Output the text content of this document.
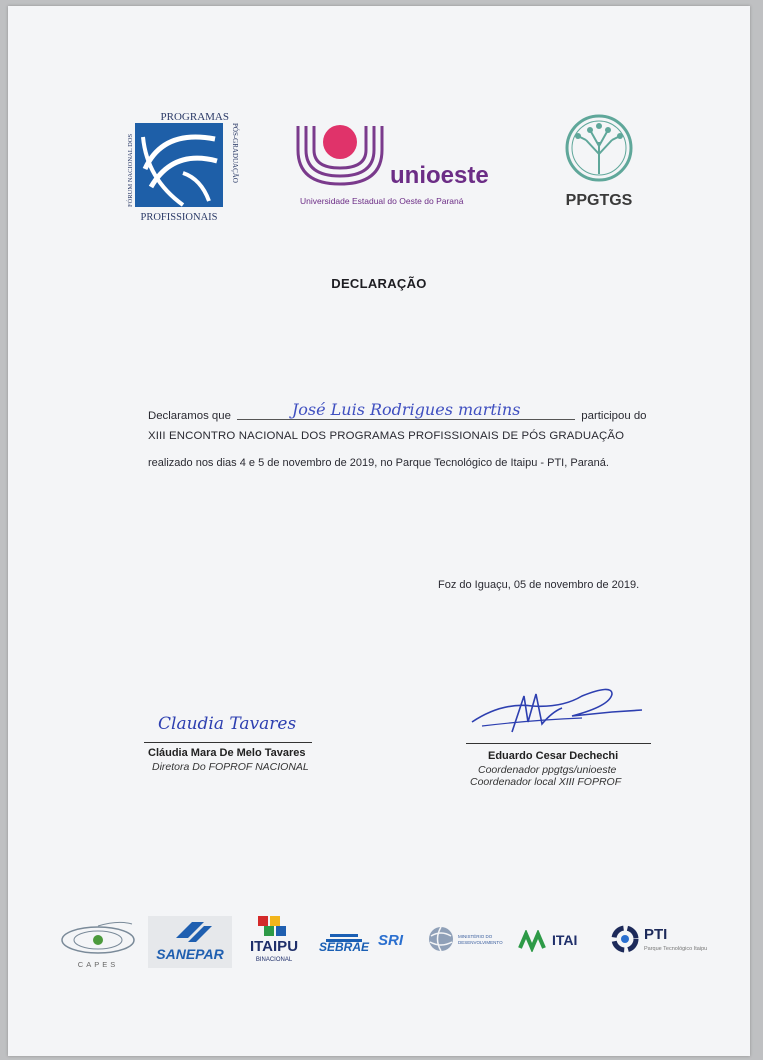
PROGRAMAS
PROFISSIONAIS
FÓRUM NACIONAL DOS	PÓS-GRADUAÇÃO	unioeste
Universidade Estadual do Oeste do Paraná	PPGTGS
DECLARAÇÃO
Declaramos que	José Luis Rodrigues martins	participou do
XIII ENCONTRO NACIONAL DOS PROGRAMAS PROFISSIONAIS DE PÓS GRADUAÇÃO
realizado nos dias 4 e 5 de novembro de 2019, no Parque Tecnológico de Itaipu - PTI, Paraná.
Foz do Iguaçu, 05 de novembro de 2019.
Claudia Tavares
Cláudia Mara De Melo Tavares
Diretora Do FOPROF NACIONAL
Eduardo Cesar Dechechi
Coordenador ppgtgs/unioeste
Coordenador local XIII FOPROF
CAPES
SANEPAR	ITAIPU
BINACIONAL
SEBRAE SRI	MINISTÉRIO DO DESENVOLVIMENTO	ITAI	PTI
Parque Tecnológico Itaipu
